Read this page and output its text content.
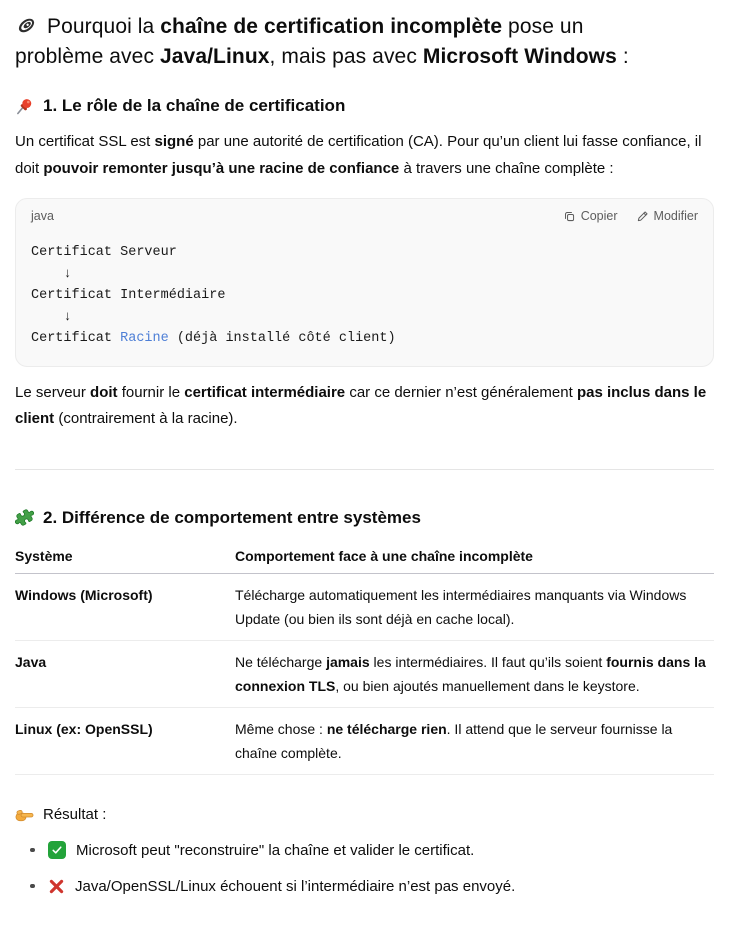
Pourquoi la chaîne de certification incomplète pose un
problème avec Java/Linux, mais pas avec Microsoft Windows :
1. Le rôle de la chaîne de certification

Un certificat SSL est signé par une autorité de certification (CA). Pour qu’un client lui fasse confiance, il doit pouvoir remonter jusqu’à une racine de confiance à travers une chaîne complète :

java	Copier	Modifier
Certificat Serveur
↓
Certificat Intermédiaire
↓
Certificat Racine (déjà installé côté client)

Le serveur doit fournir le certificat intermédiaire car ce dernier n’est généralement pas inclus dans le client (contrairement à la racine).

2. Différence de comportement entre systèmes
Système	Comportement face à une chaîne incomplète
Windows (Microsoft)	Télécharge automatiquement les intermédiaires manquants via Windows Update (ou bien ils sont déjà en cache local).
Java	Ne télécharge jamais les intermédiaires. Il faut qu’ils soient fournis dans la connexion TLS, ou bien ajoutés manuellement dans le keystore.
Linux (ex: OpenSSL)	Même chose : ne télécharge rien. Il attend que le serveur fournisse la chaîne complète.
Résultat :
Microsoft peut "reconstruire" la chaîne et valider le certificat.
Java/OpenSSL/Linux échouent si l’intermédiaire n’est pas envoyé.
